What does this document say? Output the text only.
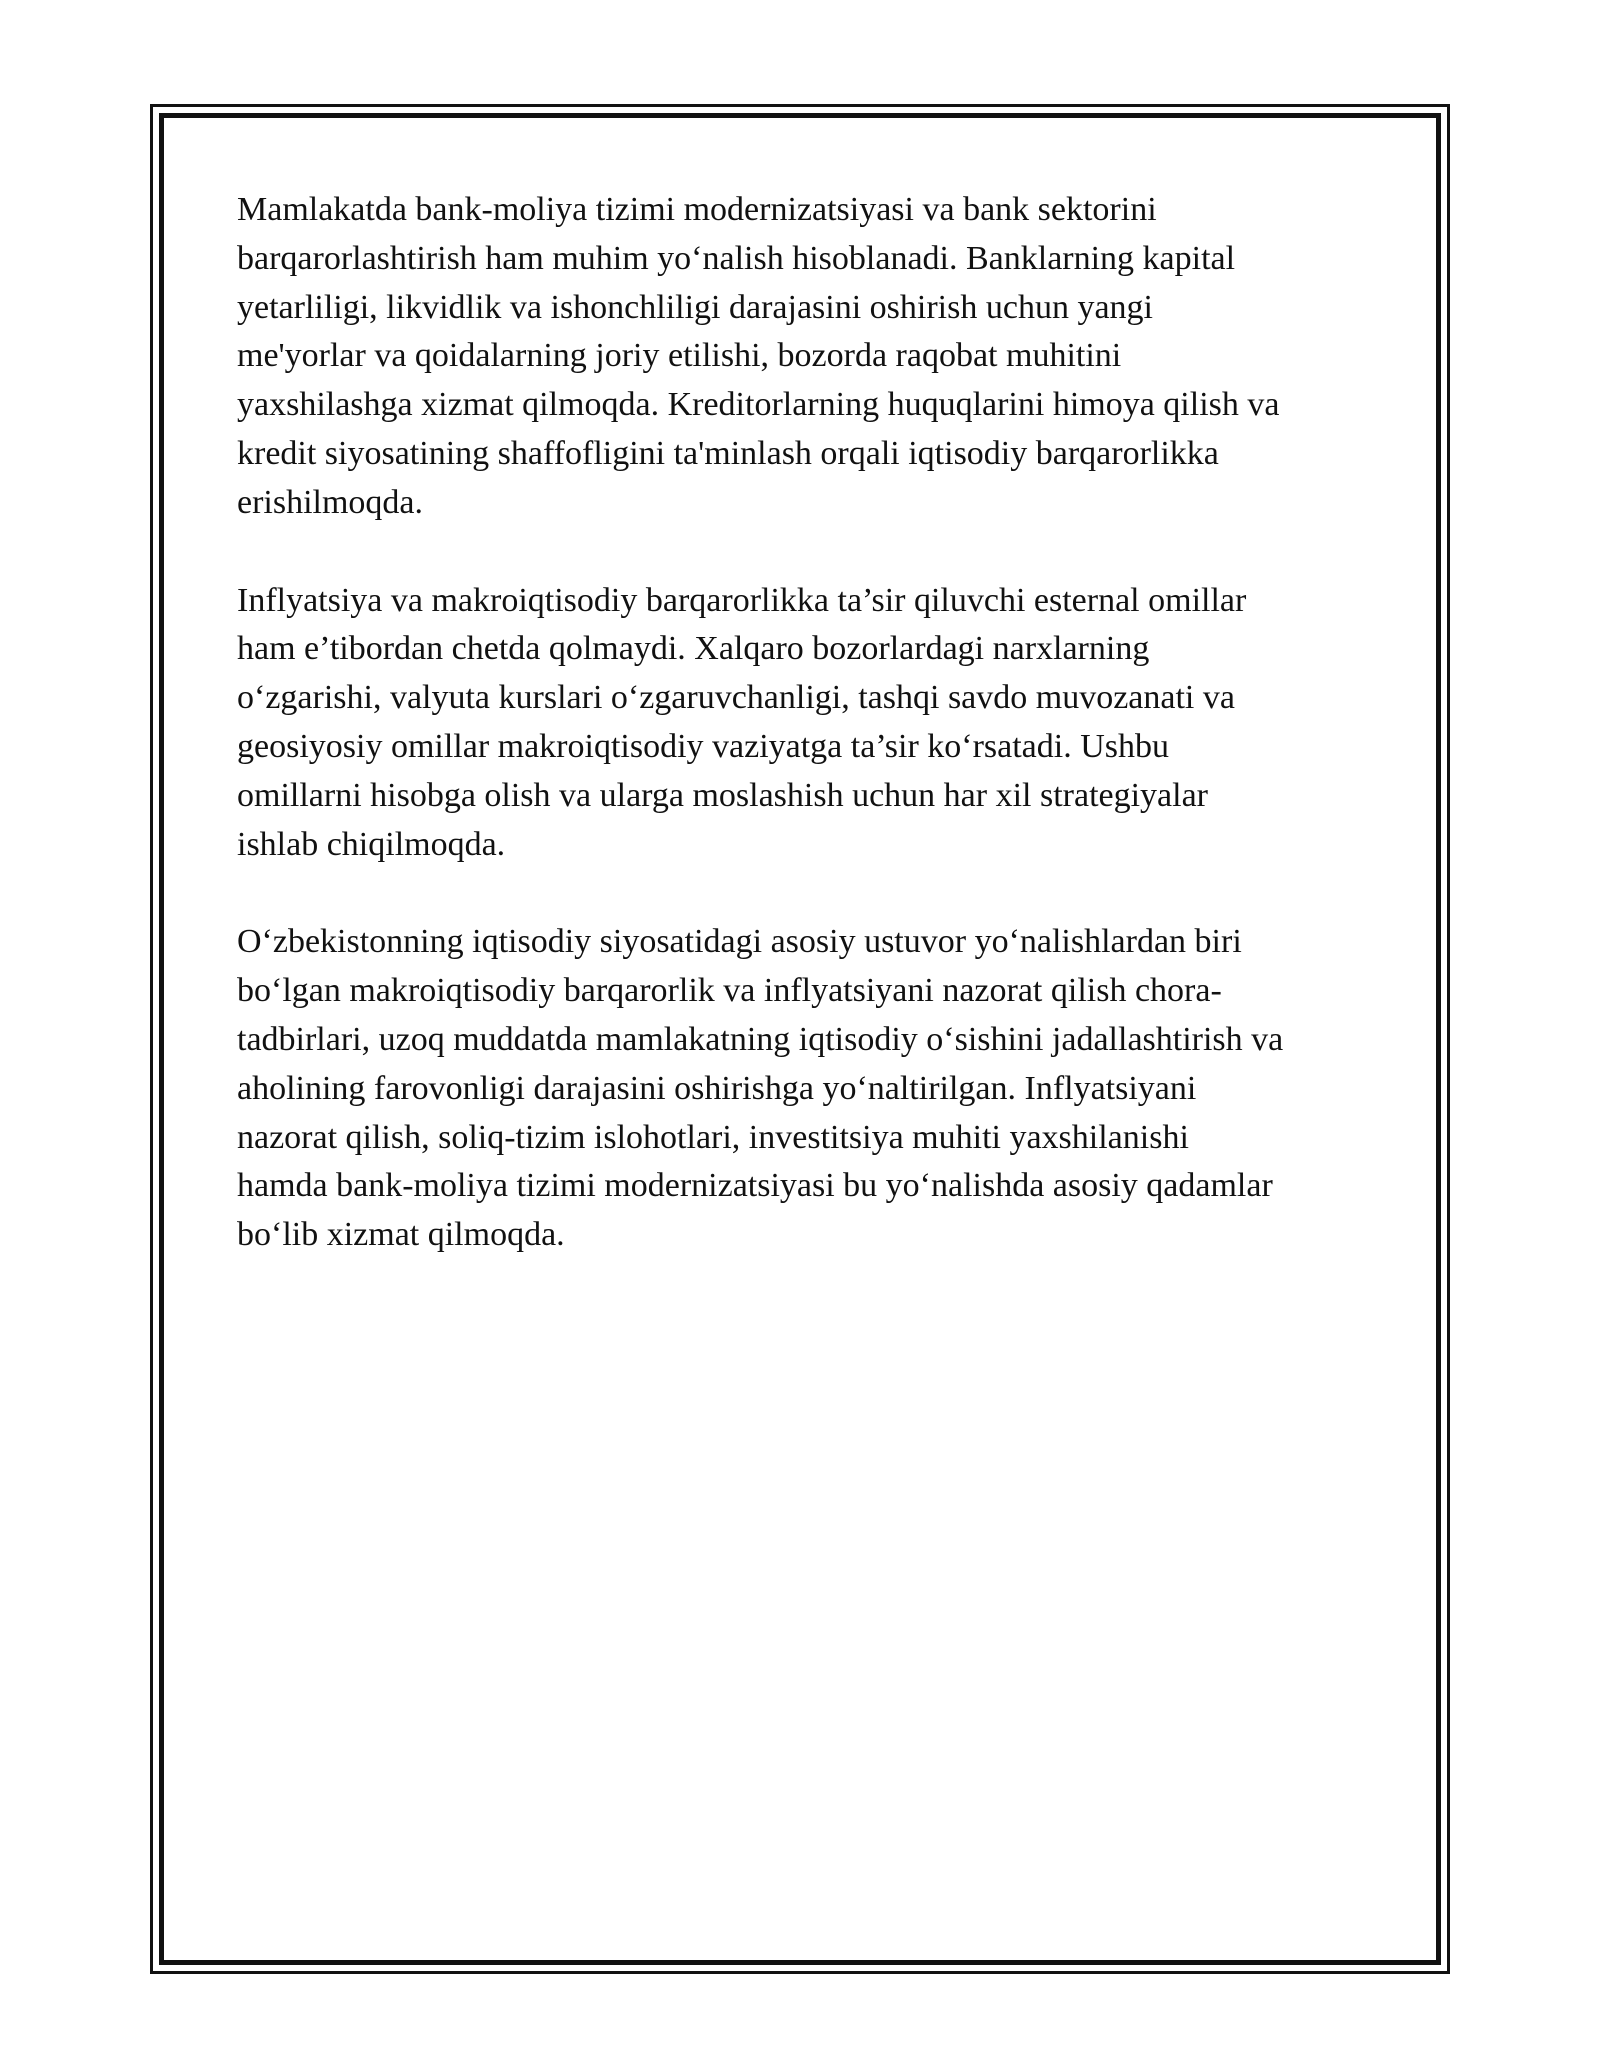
Mamlakatda bank-moliya tizimi modernizatsiyasi va bank sektorini
barqarorlashtirish ham muhim yo‘nalish hisoblanadi. Banklarning kapital
yetarliligi, likvidlik va ishonchliligi darajasini oshirish uchun yangi
me'yorlar va qoidalarning joriy etilishi, bozorda raqobat muhitini
yaxshilashga xizmat qilmoqda. Kreditorlarning huquqlarini himoya qilish va
kredit siyosatining shaffofligini ta'minlash orqali iqtisodiy barqarorlikka
erishilmoqda.

Inflyatsiya va makroiqtisodiy barqarorlikka ta’sir qiluvchi esternal omillar
ham e’tibordan chetda qolmaydi. Xalqaro bozorlardagi narxlarning
o‘zgarishi, valyuta kurslari o‘zgaruvchanligi, tashqi savdo muvozanati va
geosiyosiy omillar makroiqtisodiy vaziyatga ta’sir ko‘rsatadi. Ushbu
omillarni hisobga olish va ularga moslashish uchun har xil strategiyalar
ishlab chiqilmoqda.

O‘zbekistonning iqtisodiy siyosatidagi asosiy ustuvor yo‘nalishlardan biri
bo‘lgan makroiqtisodiy barqarorlik va inflyatsiyani nazorat qilish chora-
tadbirlari, uzoq muddatda mamlakatning iqtisodiy o‘sishini jadallashtirish va
aholining farovonligi darajasini oshirishga yo‘naltirilgan. Inflyatsiyani
nazorat qilish, soliq-tizim islohotlari, investitsiya muhiti yaxshilanishi
hamda bank-moliya tizimi modernizatsiyasi bu yo‘nalishda asosiy qadamlar
bo‘lib xizmat qilmoqda.
